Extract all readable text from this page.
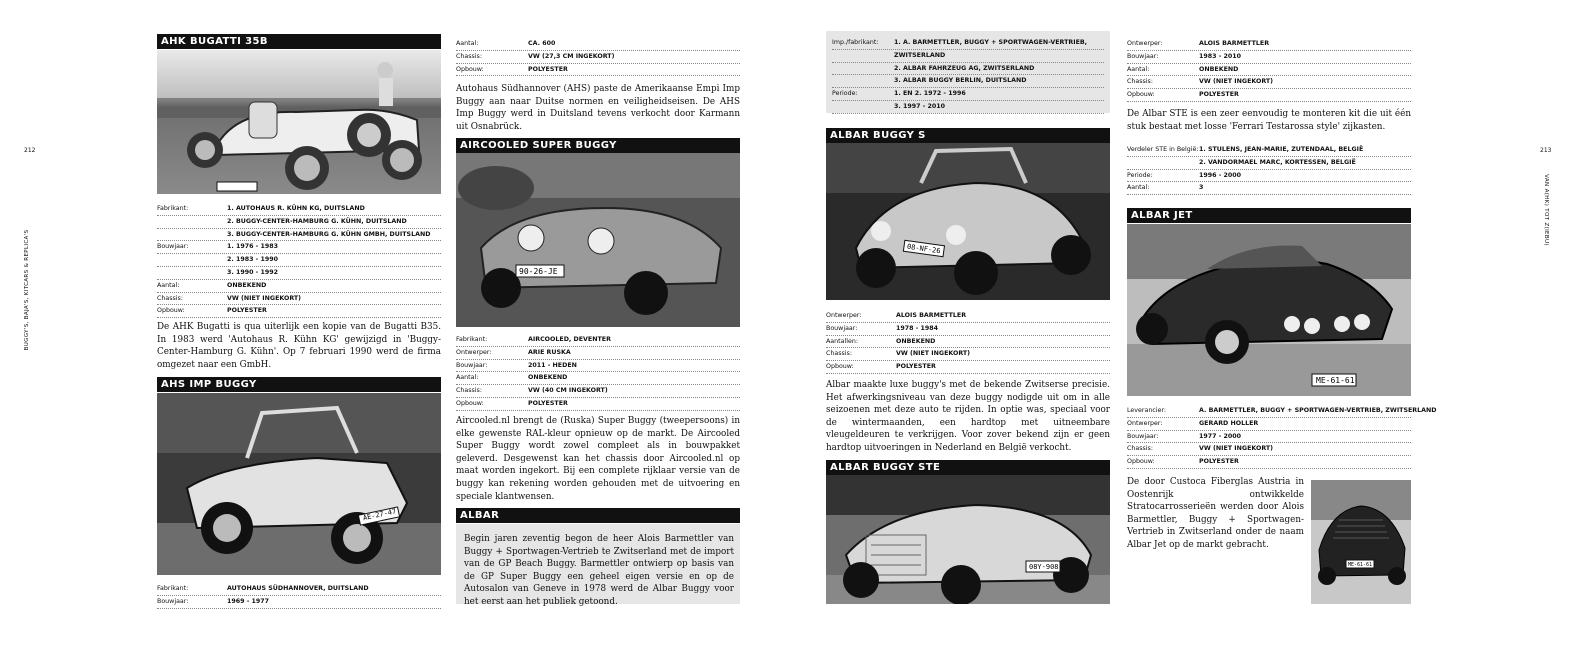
212
BUGGY'S, BAJA'S, KITCARS & REPLICA'S
AHK BUGATTI 35B
Fabrikant:	1. AUTOHAUS R. KÜHN KG, DUITSLAND
2. BUGGY-CENTER-HAMBURG G. KÜHN, DUITSLAND
3. BUGGY-CENTER-HAMBURG G. KÜHN GMBH, DUITSLAND
Bouwjaar:	1. 1976 - 1983
2. 1983 - 1990
3. 1990 - 1992
Aantal:	ONBEKEND
Chassis:	VW (NIET INGEKORT)
Opbouw:	POLYESTER
De AHK Bugatti is qua uiterlijk een kopie van de Bugatti B35. In 1983 werd 'Autohaus R. Kühn KG' gewijzigd in 'Buggy-Center-Hamburg G. Kühn'. Op 7 februari 1990 werd de firma omgezet naar een GmbH.
AHS IMP BUGGY
AE-27-47
Fabrikant:	AUTOHAUS SÜDHANNOVER, DUITSLAND
Bouwjaar:	1969 - 1977
Aantal:	CA. 600
Chassis:	VW (27,3 CM INGEKORT)
Opbouw:	POLYESTER
Autohaus Südhannover (AHS) paste de Amerikaanse Empi Imp Buggy aan naar Duitse normen en veiligheidseisen. De AHS Imp Buggy werd in Duitsland tevens verkocht door Karmann uit Osnabrück.
AIRCOOLED SUPER BUGGY
90-26-JE
Fabrikant:	AIRCOOLED, DEVENTER
Ontwerper:	ARIE RUSKA
Bouwjaar:	2011 - HEDEN
Aantal:	ONBEKEND
Chassis:	VW (40 CM INGEKORT)
Opbouw:	POLYESTER
Aircooled.nl brengt de (Ruska) Super Buggy (tweepersoons) in elke gewenste RAL-kleur opnieuw op de markt. De Aircooled Super Buggy wordt zowel compleet als in bouwpakket geleverd. Desgewenst kan het chassis door Aircooled.nl op maat worden ingekort. Bij een complete rijklaar versie van de buggy kan rekening worden gehouden met de uitvoering en speciale klantwensen.
ALBAR
Begin jaren zeventig begon de heer Alois Barmettler van Buggy + Sportwagen-Vertrieb te Zwitserland met de import van de GP Beach Buggy. Barmettler ontwierp op basis van de GP Super Buggy een geheel eigen versie en op de Autosalon van Geneve in 1978 werd de Albar Buggy voor het eerst aan het publiek getoond.
213
VAN A(HK) TOT Z(IEBU)
Imp./fabrikant:	1. A. BARMETTLER, BUGGY + SPORTWAGEN-VERTRIEB,
ZWITSERLAND
2. ALBAR FAHRZEUG AG, ZWITSERLAND
3. ALBAR BUGGY BERLIN, DUITSLAND
Periode:	1. EN 2. 1972 - 1996
3. 1997 - 2010
ALBAR BUGGY S
08-NF-26
Ontwerper:	ALOIS BARMETTLER
Bouwjaar:	1978 - 1984
Aantallen:	ONBEKEND
Chassis:	VW (NIET INGEKORT)
Opbouw:	POLYESTER
Albar maakte luxe buggy's met de bekende Zwitserse precisie. Het afwerkingsniveau van deze buggy nodigde uit om in alle seizoenen met deze auto te rijden. In optie was, speciaal voor de wintermaanden, een hardtop met uitneembare vleugeldeuren te verkrijgen. Voor zover bekend zijn er geen hardtop uitvoeringen in Nederland en België verkocht.
ALBAR BUGGY STE
08Y-908
Ontwerper:	ALOIS BARMETTLER
Bouwjaar:	1983 - 2010
Aantal:	ONBEKEND
Chassis:	VW (NIET INGEKORT)
Opbouw:	POLYESTER
De Albar STE is een zeer eenvoudig te monteren kit die uit één stuk bestaat met losse 'Ferrari Testarossa style' zijkasten.
Verdeler STE in België: 1. STULENS, JEAN-MARIE, ZUTENDAAL, BELGIË
2. VANDORMAEL MARC, KORTESSEN, BELGIË
Periode:	1996 - 2000
Aantal:	3
ALBAR JET
ME-61-61
Leverancier:	A. BARMETTLER, BUGGY + SPORTWAGEN-VERTRIEB, ZWITSERLAND
Ontwerper:	GERARD HOLLER
Bouwjaar:	1977 - 2000
Chassis:	VW (NIET INGEKORT)
Opbouw:	POLYESTER
De door Custoca Fiberglas Austria in Oostenrijk ontwikkelde Stratocarrosserieën werden door Alois Barmettler, Buggy + Sportwagen-Vertrieb in Zwitserland onder de naam Albar Jet op de markt gebracht.
ME-61-61
